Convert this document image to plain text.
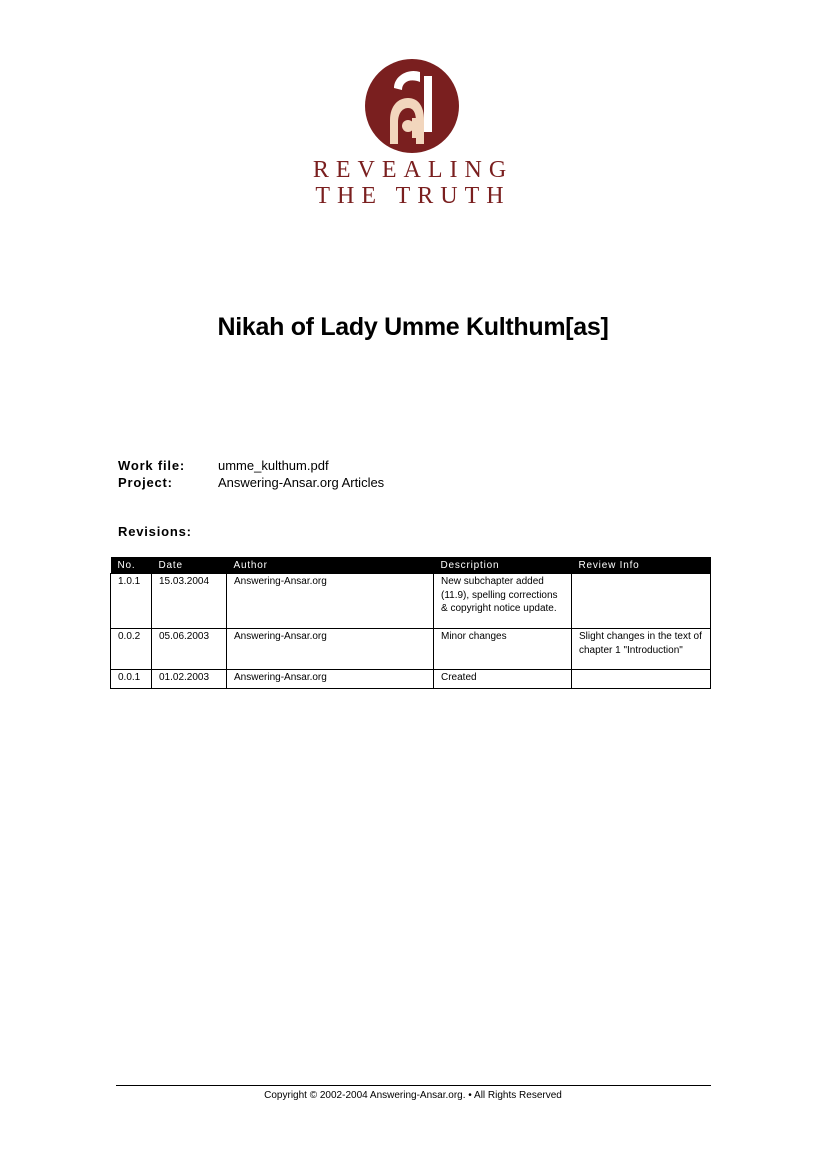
REVEALING
THE TRUTH
Nikah of Lady Umme Kulthum[as]
Work file:	umme_kulthum.pdf
Project:	Answering-Ansar.org Articles
Revisions:
No.	Date	Author	Description	Review Info
1.0.1	15.03.2004	Answering-Ansar.org	New subchapter added (11.9), spelling corrections & copyright notice update.	
0.0.2	05.06.2003	Answering-Ansar.org	Minor changes	Slight changes in the text of chapter 1 "Introduction"
0.0.1	01.02.2003	Answering-Ansar.org	Created	
Copyright © 2002-2004 Answering-Ansar.org. • All Rights Reserved
